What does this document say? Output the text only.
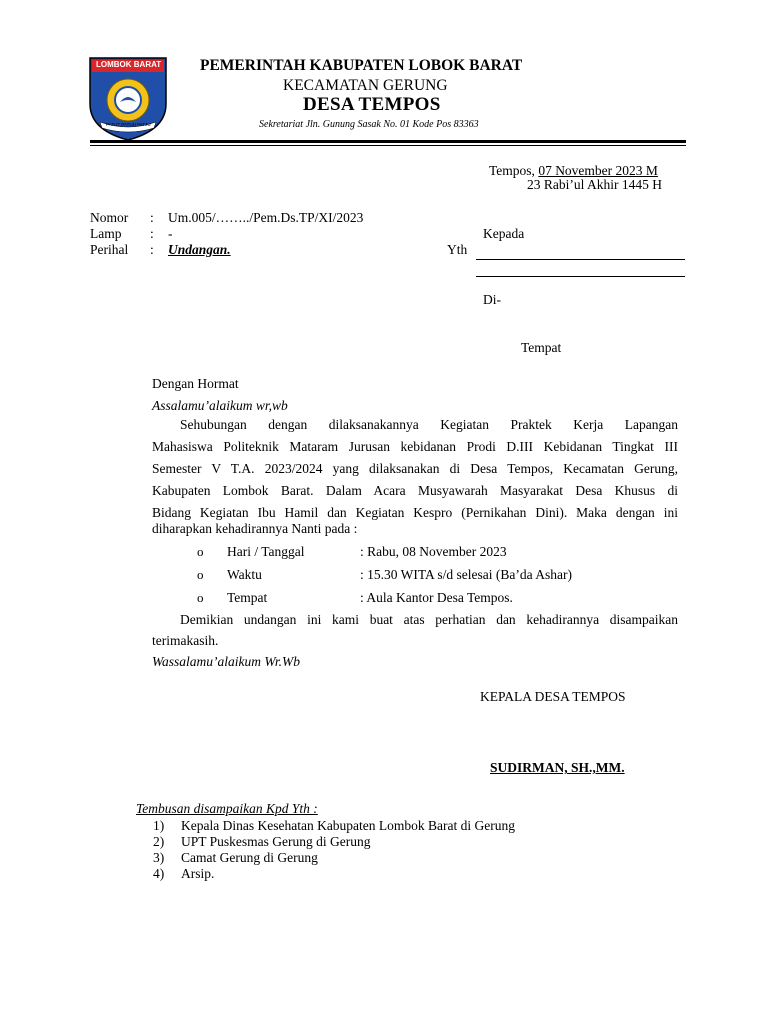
LOMBOK BARAT
PATUT PATUH PATJU
PEMERINTAH KABUPATEN LOBOK BARAT
KECAMATAN GERUNG
DESA TEMPOS
Sekretariat Jln. Gunung Sasak No. 01 Kode Pos 83363
Tempos, 07 November 2023 M
23 Rabi’ul Akhir 1445 H
Nomor : Um.005/……../Pem.Ds.TP/XI/2023
Lamp : -
Perihal : Undangan.
Kepada
Yth
Di-
Tempat
Dengan Hormat
Assalamu’alaikum wr,wb
Sehubungan dengan dilaksanakannya Kegiatan Praktek Kerja Lapangan
Mahasiswa Politeknik Mataram Jurusan kebidanan Prodi D.III Kebidanan Tingkat III
Semester V T.A. 2023/2024 yang dilaksanakan di Desa Tempos, Kecamatan Gerung,
Kabupaten Lombok Barat. Dalam Acara Musyawarah Masyarakat Desa Khusus di
Bidang Kegiatan Ibu Hamil dan Kegiatan Kespro (Pernikahan Dini). Maka dengan ini
diharapkan kehadirannya Nanti pada :
o Hari / Tanggal	: Rabu, 08 November 2023
o Waktu	: 15.30 WITA s/d selesai (Ba’da Ashar)
o Tempat	: Aula Kantor Desa Tempos.
Demikian undangan ini kami buat atas perhatian dan kehadirannya disampaikan
terimakasih.
Wassalamu’alaikum Wr.Wb
KEPALA DESA TEMPOS
SUDIRMAN, SH.,MM.
Tembusan disampaikan Kpd Yth :
1) Kepala Dinas Kesehatan Kabupaten Lombok Barat di Gerung
2) UPT Puskesmas Gerung di Gerung
3) Camat Gerung di Gerung
4) Arsip.
